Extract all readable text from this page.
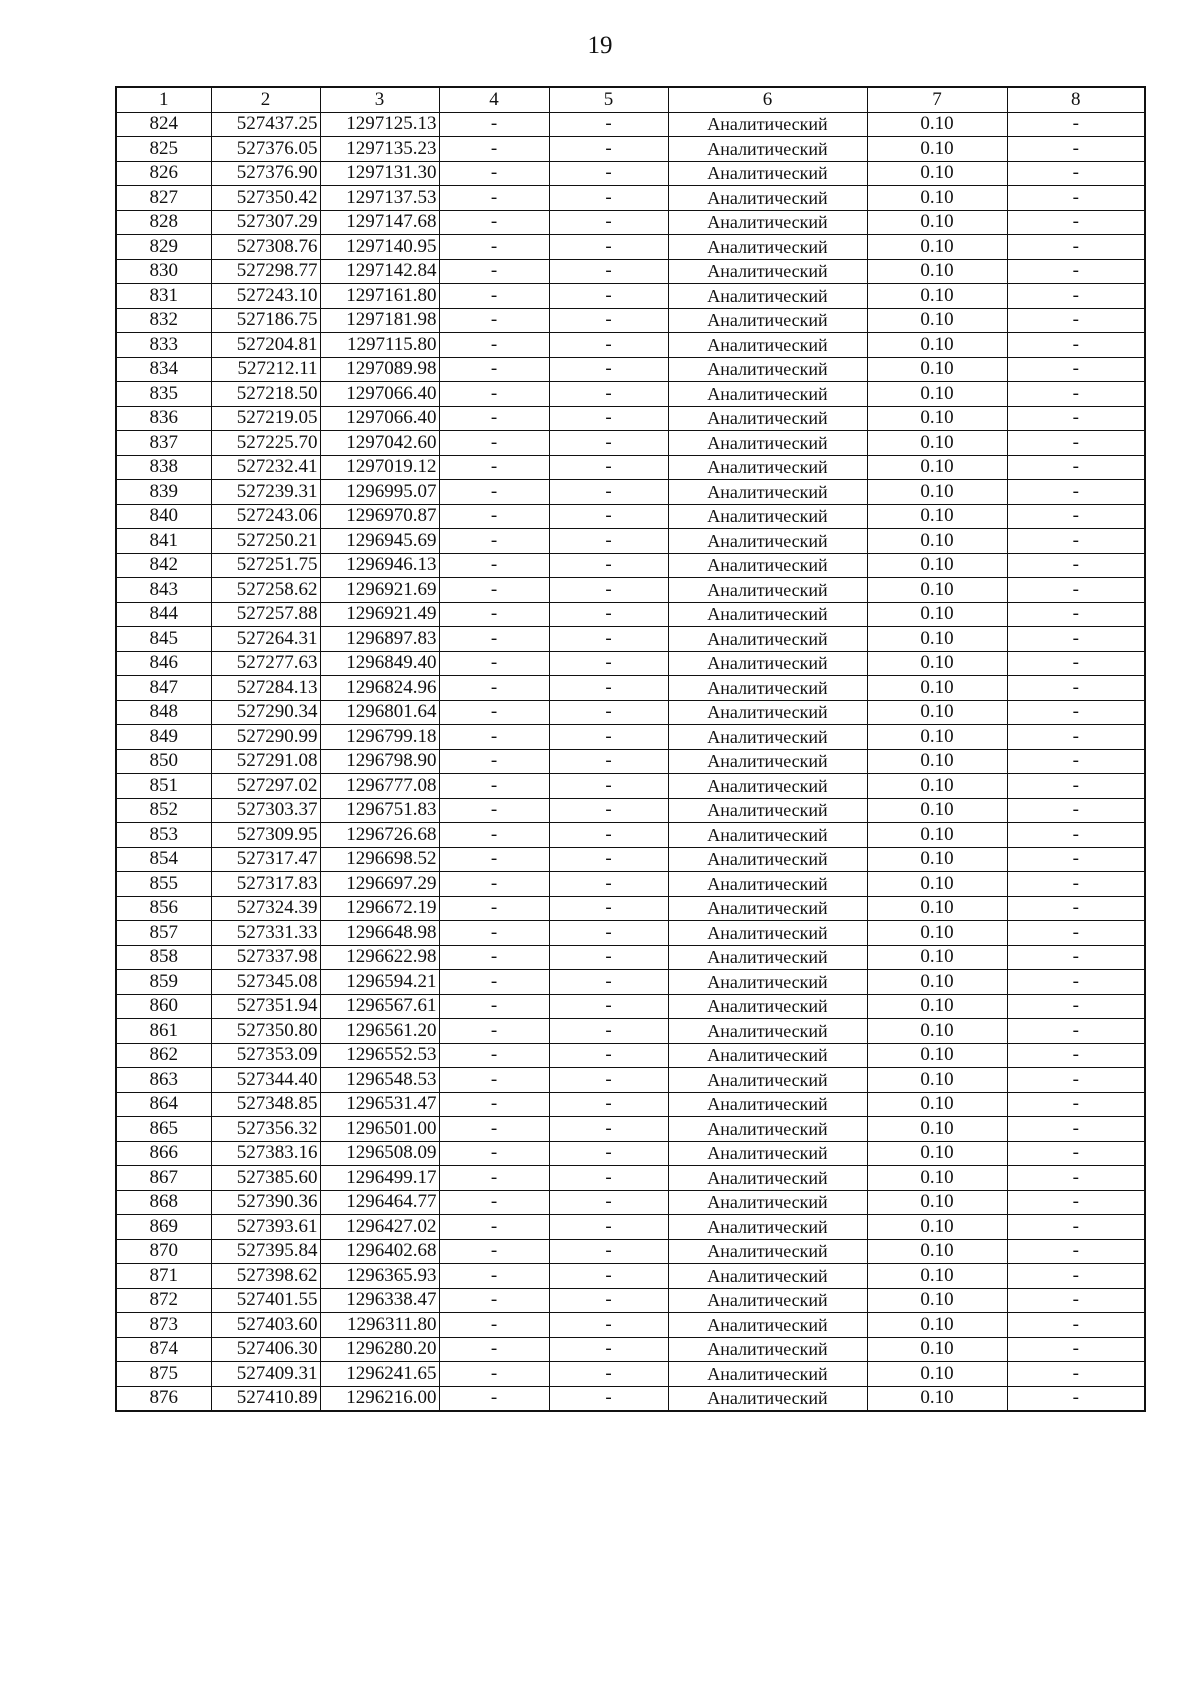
19
1	2	3	4	5	6	7	8
824	527437.25	1297125.13	-	-	Аналитический	0.10	-
825	527376.05	1297135.23	-	-	Аналитический	0.10	-
826	527376.90	1297131.30	-	-	Аналитический	0.10	-
827	527350.42	1297137.53	-	-	Аналитический	0.10	-
828	527307.29	1297147.68	-	-	Аналитический	0.10	-
829	527308.76	1297140.95	-	-	Аналитический	0.10	-
830	527298.77	1297142.84	-	-	Аналитический	0.10	-
831	527243.10	1297161.80	-	-	Аналитический	0.10	-
832	527186.75	1297181.98	-	-	Аналитический	0.10	-
833	527204.81	1297115.80	-	-	Аналитический	0.10	-
834	527212.11	1297089.98	-	-	Аналитический	0.10	-
835	527218.50	1297066.40	-	-	Аналитический	0.10	-
836	527219.05	1297066.40	-	-	Аналитический	0.10	-
837	527225.70	1297042.60	-	-	Аналитический	0.10	-
838	527232.41	1297019.12	-	-	Аналитический	0.10	-
839	527239.31	1296995.07	-	-	Аналитический	0.10	-
840	527243.06	1296970.87	-	-	Аналитический	0.10	-
841	527250.21	1296945.69	-	-	Аналитический	0.10	-
842	527251.75	1296946.13	-	-	Аналитический	0.10	-
843	527258.62	1296921.69	-	-	Аналитический	0.10	-
844	527257.88	1296921.49	-	-	Аналитический	0.10	-
845	527264.31	1296897.83	-	-	Аналитический	0.10	-
846	527277.63	1296849.40	-	-	Аналитический	0.10	-
847	527284.13	1296824.96	-	-	Аналитический	0.10	-
848	527290.34	1296801.64	-	-	Аналитический	0.10	-
849	527290.99	1296799.18	-	-	Аналитический	0.10	-
850	527291.08	1296798.90	-	-	Аналитический	0.10	-
851	527297.02	1296777.08	-	-	Аналитический	0.10	-
852	527303.37	1296751.83	-	-	Аналитический	0.10	-
853	527309.95	1296726.68	-	-	Аналитический	0.10	-
854	527317.47	1296698.52	-	-	Аналитический	0.10	-
855	527317.83	1296697.29	-	-	Аналитический	0.10	-
856	527324.39	1296672.19	-	-	Аналитический	0.10	-
857	527331.33	1296648.98	-	-	Аналитический	0.10	-
858	527337.98	1296622.98	-	-	Аналитический	0.10	-
859	527345.08	1296594.21	-	-	Аналитический	0.10	-
860	527351.94	1296567.61	-	-	Аналитический	0.10	-
861	527350.80	1296561.20	-	-	Аналитический	0.10	-
862	527353.09	1296552.53	-	-	Аналитический	0.10	-
863	527344.40	1296548.53	-	-	Аналитический	0.10	-
864	527348.85	1296531.47	-	-	Аналитический	0.10	-
865	527356.32	1296501.00	-	-	Аналитический	0.10	-
866	527383.16	1296508.09	-	-	Аналитический	0.10	-
867	527385.60	1296499.17	-	-	Аналитический	0.10	-
868	527390.36	1296464.77	-	-	Аналитический	0.10	-
869	527393.61	1296427.02	-	-	Аналитический	0.10	-
870	527395.84	1296402.68	-	-	Аналитический	0.10	-
871	527398.62	1296365.93	-	-	Аналитический	0.10	-
872	527401.55	1296338.47	-	-	Аналитический	0.10	-
873	527403.60	1296311.80	-	-	Аналитический	0.10	-
874	527406.30	1296280.20	-	-	Аналитический	0.10	-
875	527409.31	1296241.65	-	-	Аналитический	0.10	-
876	527410.89	1296216.00	-	-	Аналитический	0.10	-
